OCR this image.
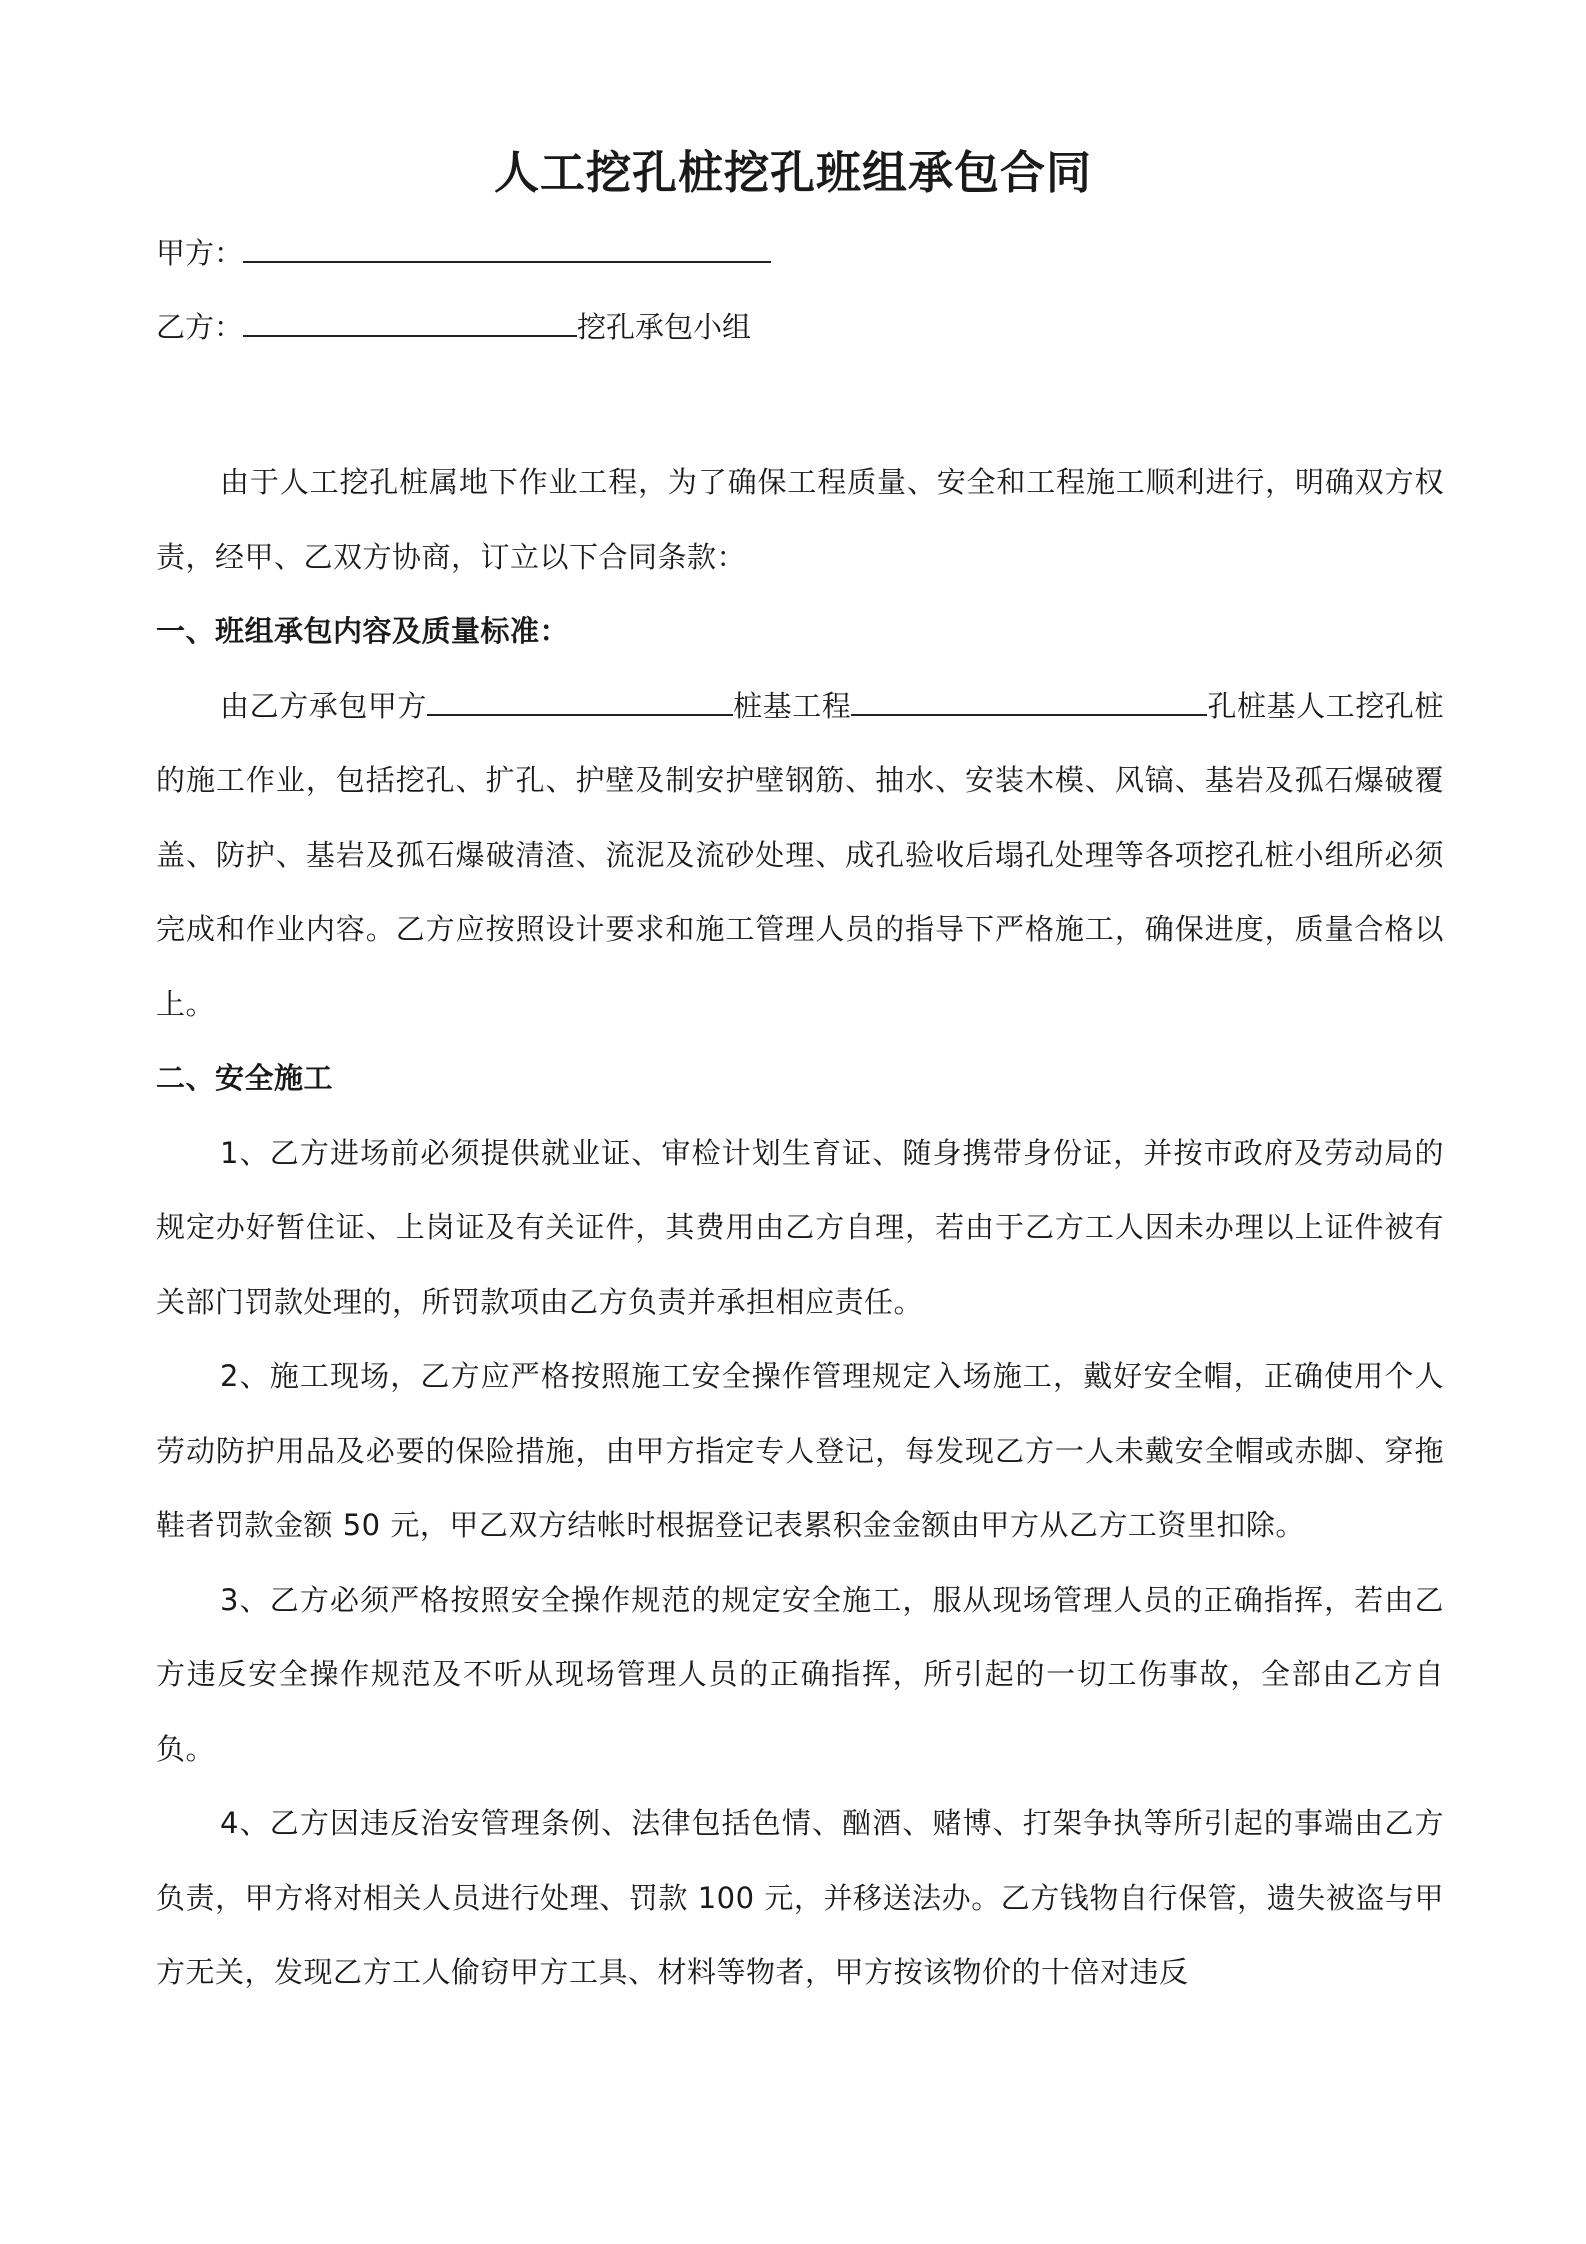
人工挖孔桩挖孔班组承包合同
甲方：
乙方：	挖孔承包小组

由于人工挖孔桩属地下作业工程，为了确保工程质量、安全和工程施工顺利进行，明确双方权责，经甲、乙双方协商，订立以下合同条款：

一、班组承包内容及质量标准：

由乙方承包甲方	桩基工程	孔桩基人工挖孔桩的施工作业，包括挖孔、扩孔、护壁及制安护壁钢筋、抽水、安装木模、风镐、基岩及孤石爆破覆盖、防护、基岩及孤石爆破清渣、流泥及流砂处理、成孔验收后塌孔处理等各项挖孔桩小组所必须完成和作业内容。乙方应按照设计要求和施工管理人员的指导下严格施工，确保进度，质量合格以上。

二、安全施工

1、乙方进场前必须提供就业证、审检计划生育证、随身携带身份证，并按市政府及劳动局的规定办好暂住证、上岗证及有关证件，其费用由乙方自理，若由于乙方工人因未办理以上证件被有关部门罚款处理的，所罚款项由乙方负责并承担相应责任。

2、施工现场，乙方应严格按照施工安全操作管理规定入场施工，戴好安全帽，正确使用个人劳动防护用品及必要的保险措施，由甲方指定专人登记，每发现乙方一人未戴安全帽或赤脚、穿拖鞋者罚款金额 50 元，甲乙双方结帐时根据登记表累积金金额由甲方从乙方工资里扣除。

3、乙方必须严格按照安全操作规范的规定安全施工，服从现场管理人员的正确指挥，若由乙方违反安全操作规范及不听从现场管理人员的正确指挥，所引起的一切工伤事故，全部由乙方自负。

4、乙方因违反治安管理条例、法律包括色情、酗酒、赌博、打架争执等所引起的事端由乙方负责，甲方将对相关人员进行处理、罚款 100 元，并移送法办。乙方钱物自行保管，遗失被盗与甲方无关，发现乙方工人偷窃甲方工具、材料等物者，甲方按该物价的十倍对违反
